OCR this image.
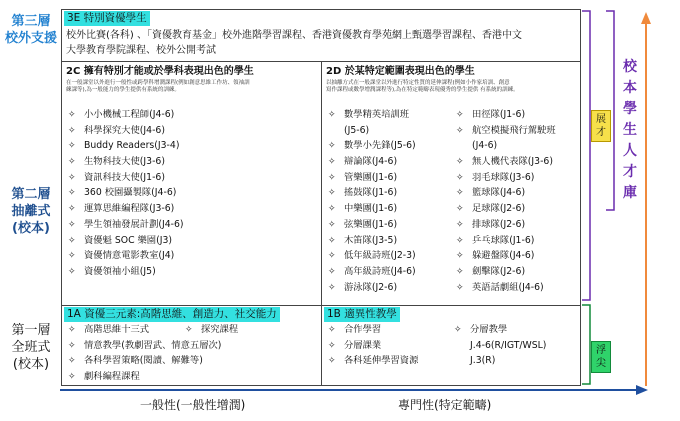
第三層
校外支援
第二層
抽離式
(校本)
第一層
全班式
(校本)
3E 特別資優學生
校外比賽(各科) 、「資優教育基金」校外進階學習課程、香港資優教育學苑網上甄選學習課程、香港中文
大學教育學院課程、校外公開考試
2C 擁有特別才能或於學科表現出色的學生
在一般課堂以外進行一般性或跨學科增潤課程(例如創意思維工作坊、領袖訓
練課等),為一般能力的學生提供有系統的訓練。
✧ 小小機械工程師(J4-6)
✧ 科學探究大使(J4-6)
✧ Buddy Readers(J3-4)
✧ 生物科技大使(J3-6)
✧ 資訊科技大使(J1-6)
✧ 360 校園攝製隊(J4-6)
✧ 運算思維編程隊(J3-6)
✧ 學生領袖發展計劃(J4-6)
✧ 資優魁 SOC 樂園(J3)
✧ 資優情意電影教室(J4)
✧ 資優領袖小組(J5)
2D 於某特定範圍表現出色的學生
以抽離方式在一般課堂以外進行特定性質的延伸課程(例如小作家培訓、創意
寫作課程或數學增潤課程等),為在特定範疇表現優秀的學生提供 有系統的訓練。
✧ 數學精英培訓班
(J5-6)
✧ 數學小先鋒(J5-6)
✧ 辯論隊(J4-6)
✧ 管樂團(J1-6)
✧ 搖鼓隊(J1-6)
✧ 中樂團(J1-6)
✧ 弦樂團(J1-6)
✧ 木笛隊(J3-5)
✧ 低年級詩班(J2-3)
✧ 高年級詩班(J4-6)
✧ 游泳隊(J2-6)
✧ 田徑隊(J1-6)
✧ 航空模擬飛行駕駛班
(J4-6)
✧ 無人機代表隊(J3-6)
✧ 羽毛球隊(J3-6)
✧ 籃球隊(J4-6)
✧ 足球隊(J2-6)
✧ 排球隊(J2-6)
✧ 乒乓球隊(J1-6)
✧ 躲避盤隊(J4-6)
✧ 劍擊隊(J2-6)
✧ 英語話劇組(J4-6)
1A 資優三元素:高階思維、創造力、社交能力
✧ 高階思維十三式	✧ 探究課程
✧ 情意教學(教劇習武、情意五層次)
✧ 各科學習策略(閱讀、解難等)
✧ 劇科編程課程
1B 適異性教學
✧ 合作學習	✧ 分層教學
✧ 分層課業	J.4-6(R/IGT/WSL)
✧ 各科延伸學習資源	J.3(R)
展
才
浮
尖
校
本
學
生
人
才
庫
一般性(一般性增潤)	專門性(特定範疇)
